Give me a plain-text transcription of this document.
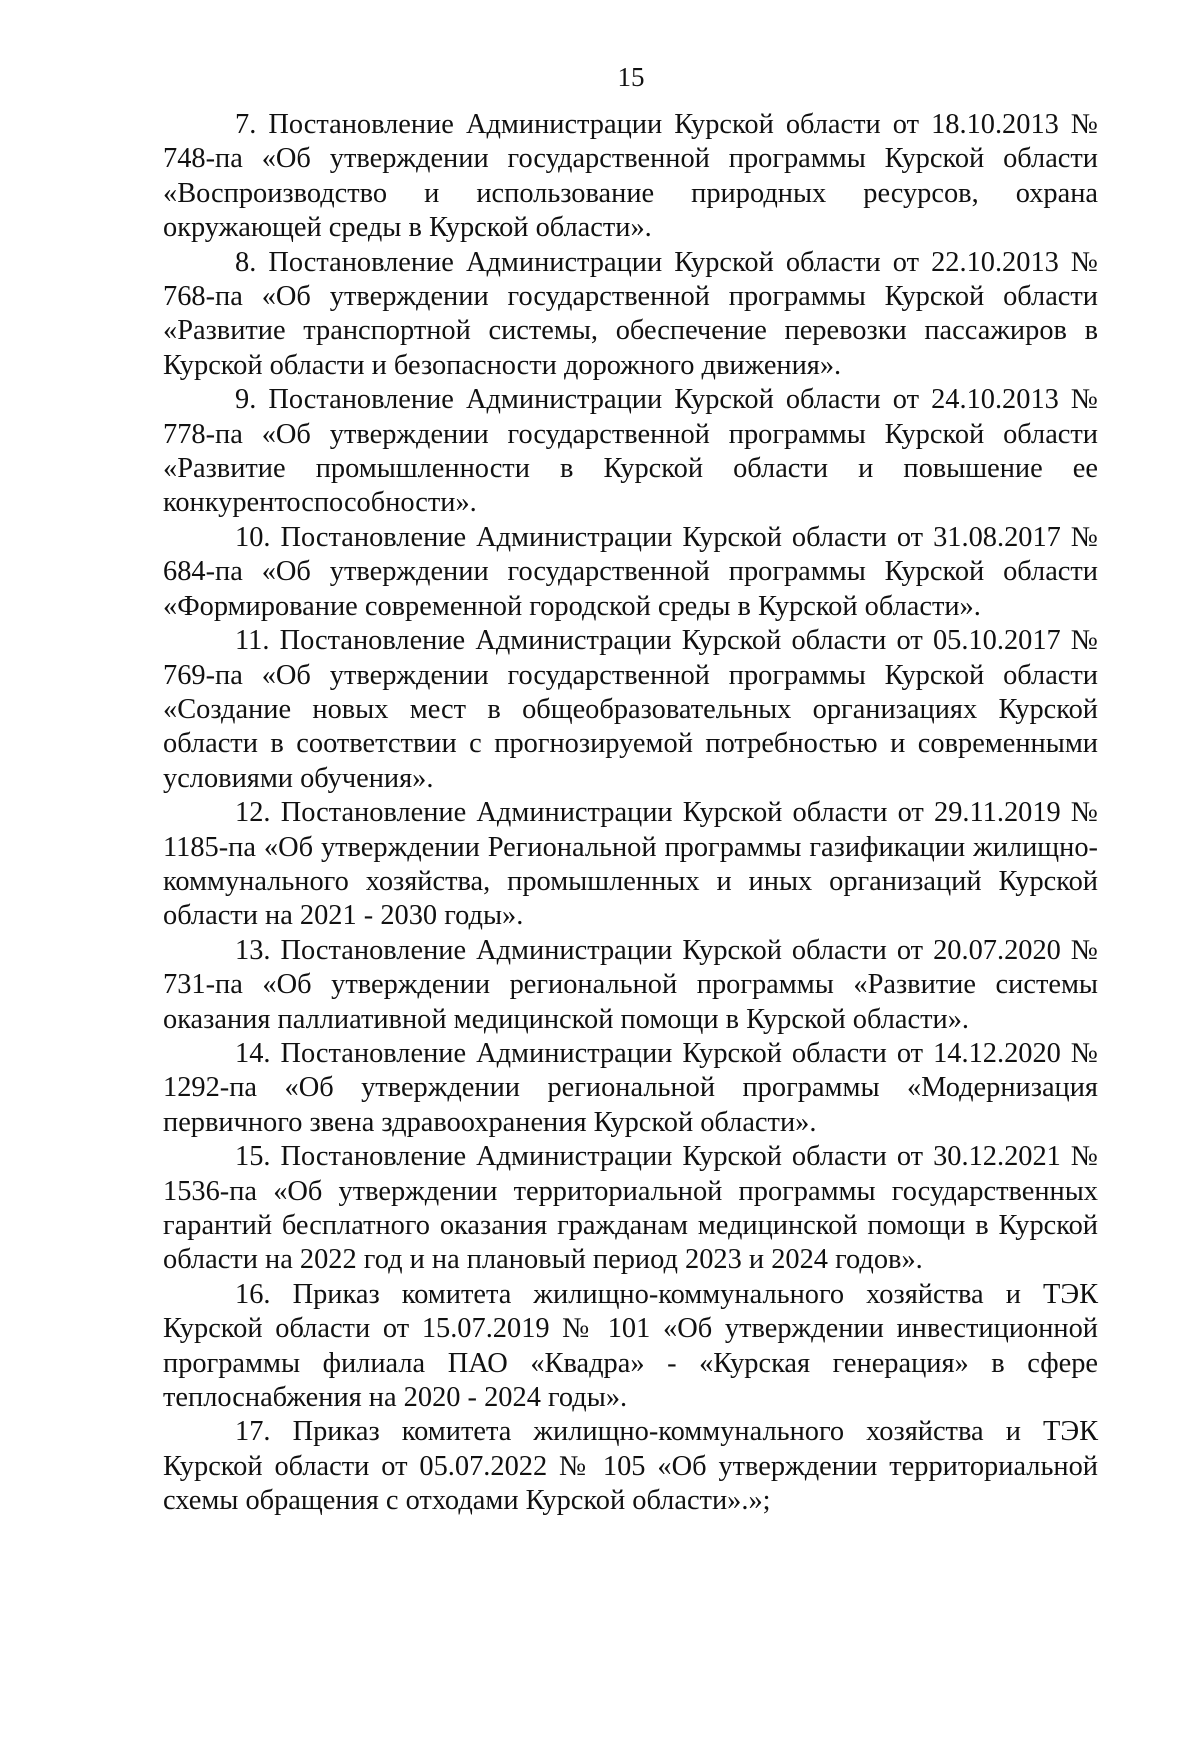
15

7. Постановление Администрации Курской области от 18.10.2013 № 748-па «Об утверждении государственной программы Курской области «Воспроизводство и использование природных ресурсов, охрана окружающей среды в Курской области».

8. Постановление Администрации Курской области от 22.10.2013 № 768-па «Об утверждении государственной программы Курской области «Развитие транспортной системы, обеспечение перевозки пассажиров в Курской области и безопасности дорожного движения».

9. Постановление Администрации Курской области от 24.10.2013 № 778-па «Об утверждении государственной программы Курской области «Развитие промышленности в Курской области и повышение ее конкурентоспособности».

10. Постановление Администрации Курской области от 31.08.2017 № 684-па «Об утверждении государственной программы Курской области «Формирование современной городской среды в Курской области».

11. Постановление Администрации Курской области от 05.10.2017 № 769-па «Об утверждении государственной программы Курской области «Создание новых мест в общеобразовательных организациях Курской области в соответствии с прогнозируемой потребностью и современными условиями обучения».

12. Постановление Администрации Курской области от 29.11.2019 № 1185-па «Об утверждении Региональной программы газификации жилищно-коммунального хозяйства, промышленных и иных организаций Курской области на 2021 - 2030 годы».

13. Постановление Администрации Курской области от 20.07.2020 № 731-па «Об утверждении региональной программы «Развитие системы оказания паллиативной медицинской помощи в Курской области».

14. Постановление Администрации Курской области от 14.12.2020 № 1292-па «Об утверждении региональной программы «Модернизация первичного звена здравоохранения Курской области».

15. Постановление Администрации Курской области от 30.12.2021 № 1536-па «Об утверждении территориальной программы государственных гарантий бесплатного оказания гражданам медицинской помощи в Курской области на 2022 год и на плановый период 2023 и 2024 годов».

16. Приказ комитета жилищно-коммунального хозяйства и ТЭК Курской области от 15.07.2019 № 101 «Об утверждении инвестиционной программы филиала ПАО «Квадра» - «Курская генерация» в сфере теплоснабжения на 2020 - 2024 годы».

17. Приказ комитета жилищно-коммунального хозяйства и ТЭК Курской области от 05.07.2022 № 105 «Об утверждении территориальной схемы обращения с отходами Курской области».»;
